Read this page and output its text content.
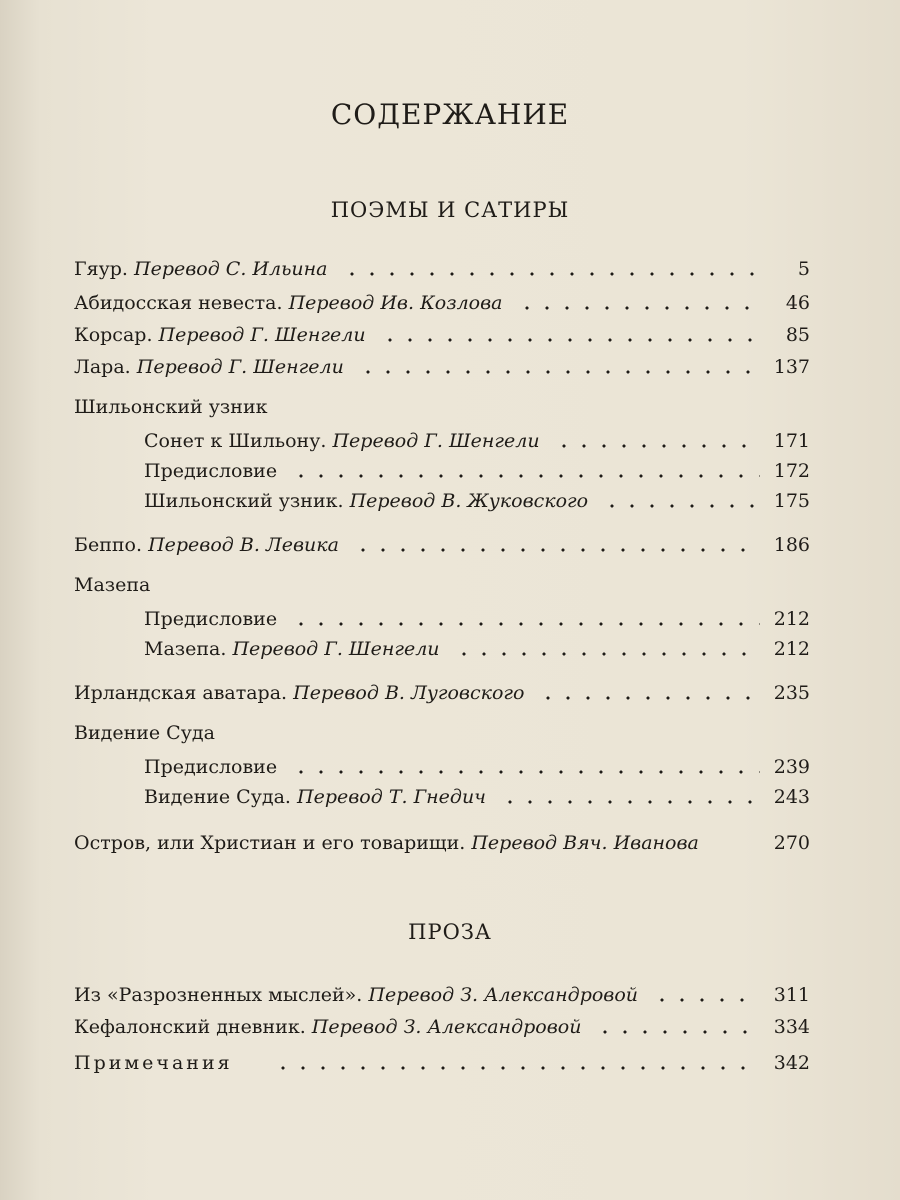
СОДЕРЖАНИЕ
ПОЭМЫ И САТИРЫ
Гяур. Перевод С. Ильина	5
Абидосская невеста. Перевод Ив. Козлова	46
Корсар. Перевод Г. Шенгели	85
Лара. Перевод Г. Шенгели	137
Шильонский узник
Сонет к Шильону. Перевод Г. Шенгели	171
Предисловие	172
Шильонский узник. Перевод В. Жуковского	175
Беппо. Перевод В. Левика	186
Мазепа
Предисловие	212
Мазепа. Перевод Г. Шенгели	212
Ирландская аватара. Перевод В. Луговского	235
Видение Суда
Предисловие	239
Видение Суда. Перевод Т. Гнедич	243
Остров, или Христиан и его товарищи. Перевод Вяч. Иванова	270
Из «Разрозненных мыслей». Перевод З. Александровой	311
Кефалонский дневник. Перевод З. Александровой	334
Примечания	342
ПРОЗА
